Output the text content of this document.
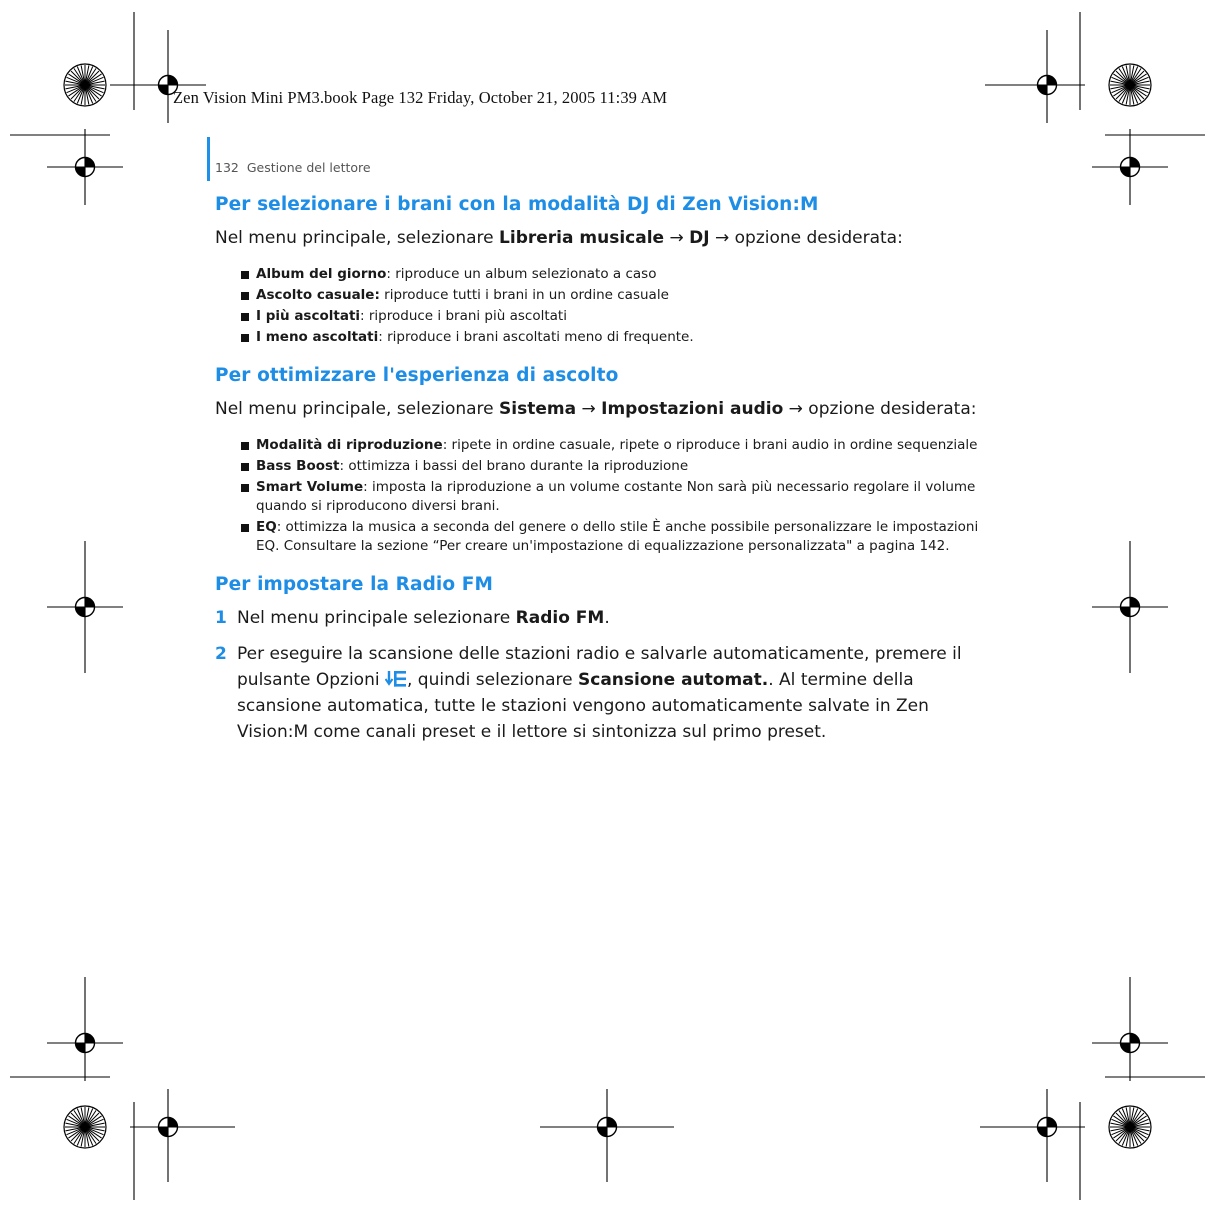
Zen Vision Mini PM3.book Page 132 Friday, October 21, 2005 11:39 AM
132 Gestione del lettore
Per selezionare i brani con la modalità DJ di Zen Vision:M

Nel menu principale, selezionare Libreria musicale → DJ → opzione desiderata:

Album del giorno: riproduce un album selezionato a caso
Ascolto casuale: riproduce tutti i brani in un ordine casuale
I più ascoltati: riproduce i brani più ascoltati
I meno ascoltati: riproduce i brani ascoltati meno di frequente.
Per ottimizzare l'esperienza di ascolto

Nel menu principale, selezionare Sistema → Impostazioni audio → opzione desiderata:

Modalità di riproduzione: ripete in ordine casuale, ripete o riproduce i brani audio in ordine sequenziale
Bass Boost: ottimizza i bassi del brano durante la riproduzione
Smart Volume: imposta la riproduzione a un volume costante Non sarà più necessario regolare il volume quando si riproducono diversi brani.
EQ: ottimizza la musica a seconda del genere o dello stile È anche possibile personalizzare le impostazioni EQ. Consultare la sezione “Per creare un'impostazione di equalizzazione personalizzata" a pagina 142.
Per impostare la Radio FM
1 Nel menu principale selezionare Radio FM.
2 Per eseguire la scansione delle stazioni radio e salvarle automaticamente, premere il pulsante Opzioni , quindi selezionare Scansione automat.. Al termine della scansione automatica, tutte le stazioni vengono automaticamente salvate in Zen Vision:M come canali preset e il lettore si sintonizza sul primo preset.
